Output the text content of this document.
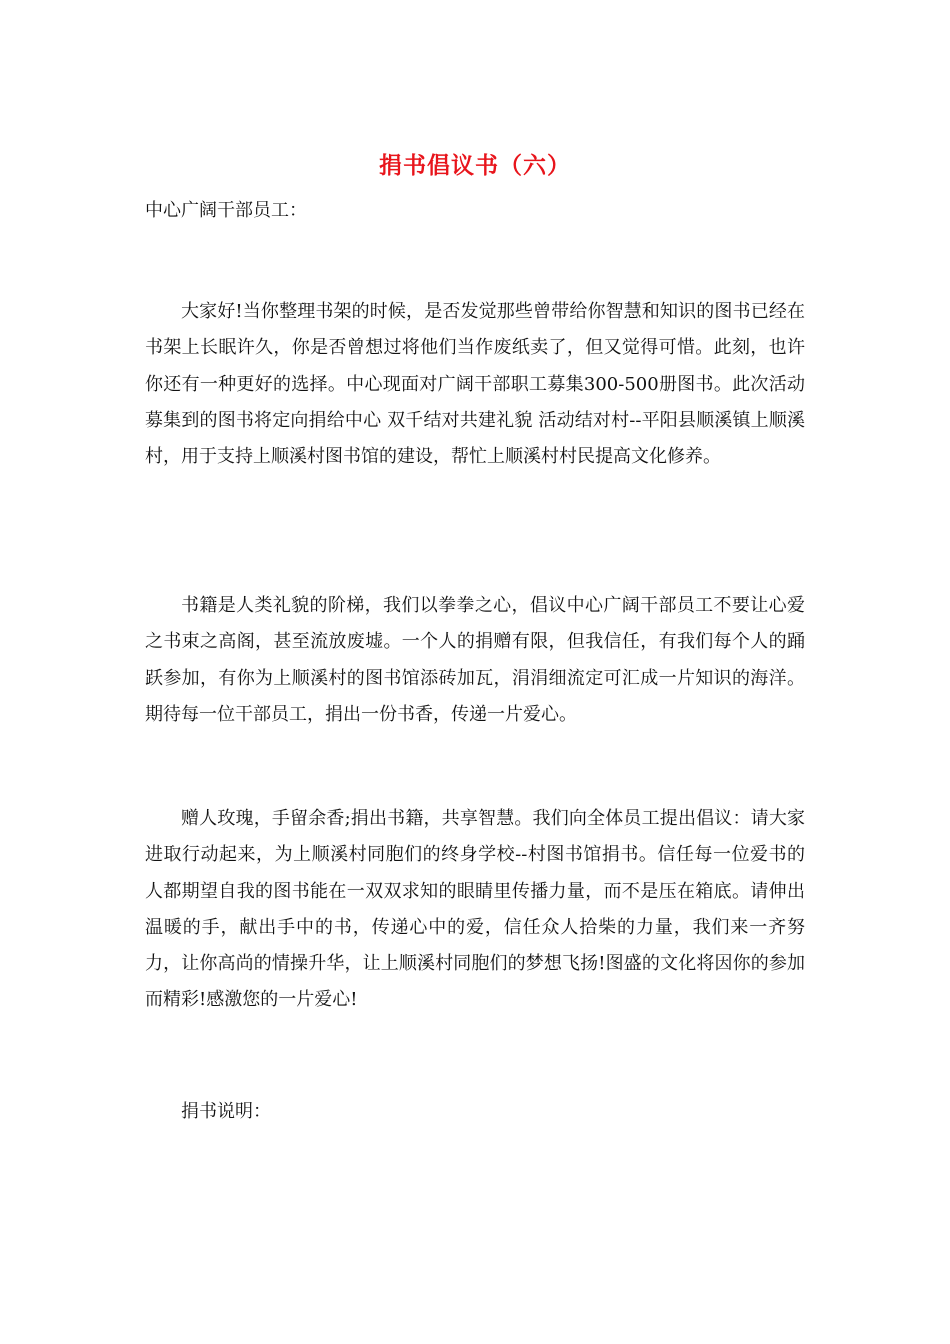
捐书倡议书（六）
中心广阔干部员工：
大家好!当你整理书架的时候，是否发觉那些曾带给你智慧和知识的图书已经在书架上长眠许久，你是否曾想过将他们当作废纸卖了，但又觉得可惜。此刻，也许你还有一种更好的选择。中心现面对广阔干部职工募集300-500册图书。此次活动募集到的图书将定向捐给中心 双千结对共建礼貌 活动结对村--平阳县顺溪镇上顺溪村，用于支持上顺溪村图书馆的建设，帮忙上顺溪村村民提高文化修养。
书籍是人类礼貌的阶梯，我们以拳拳之心，倡议中心广阔干部员工不要让心爱之书束之高阁，甚至流放废墟。一个人的捐赠有限，但我信任，有我们每个人的踊跃参加，有你为上顺溪村的图书馆添砖加瓦，涓涓细流定可汇成一片知识的海洋。期待每一位干部员工，捐出一份书香，传递一片爱心。
赠人玫瑰，手留余香;捐出书籍，共享智慧。我们向全体员工提出倡议：请大家进取行动起来，为上顺溪村同胞们的终身学校--村图书馆捐书。信任每一位爱书的人都期望自我的图书能在一双双求知的眼睛里传播力量，而不是压在箱底。请伸出温暖的手，献出手中的书，传递心中的爱，信任众人拾柴的力量，我们来一齐努力，让你高尚的情操升华，让上顺溪村同胞们的梦想飞扬!图盛的文化将因你的参加而精彩!感激您的一片爱心!
捐书说明：
